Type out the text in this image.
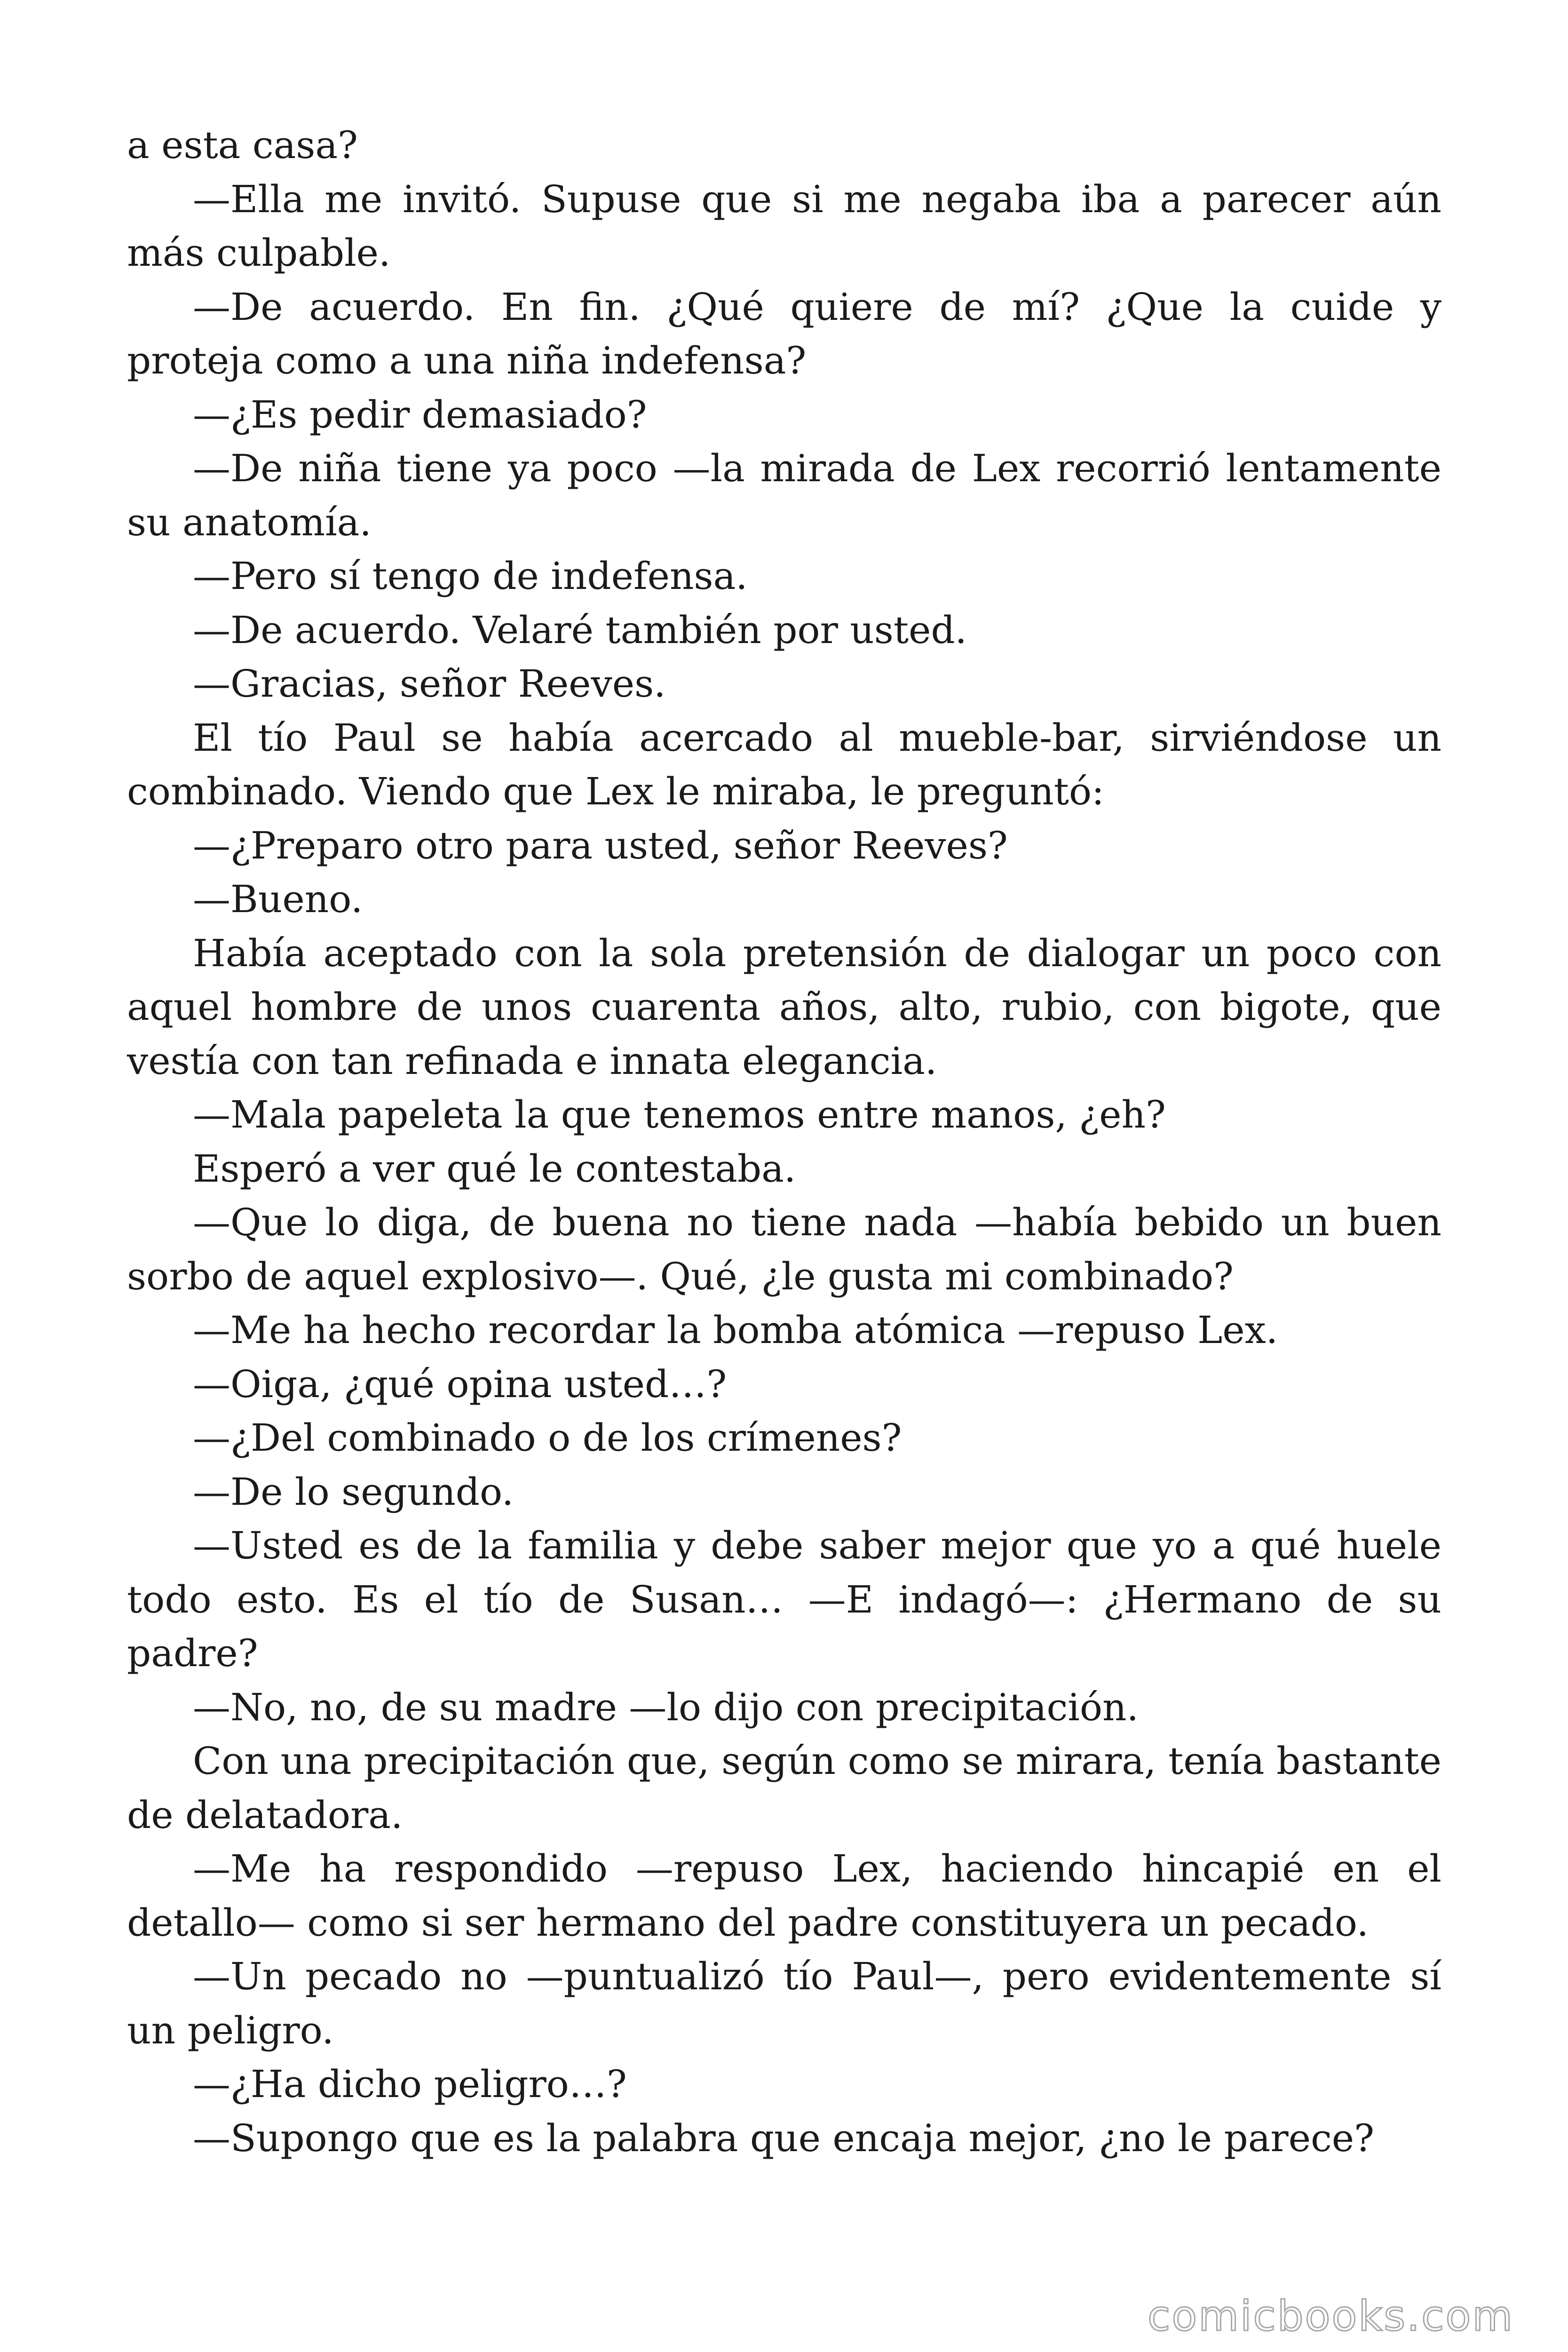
a esta casa?
—Ella me invitó. Supuse que si me negaba iba a parecer aún
más culpable.
—De acuerdo. En fin. ¿Qué quiere de mí? ¿Que la cuide y
proteja como a una niña indefensa?
—¿Es pedir demasiado?
—De niña tiene ya poco —la mirada de Lex recorrió lentamente
su anatomía.
—Pero sí tengo de indefensa.
—De acuerdo. Velaré también por usted.
—Gracias, señor Reeves.
El tío Paul se había acercado al mueble-bar, sirviéndose un
combinado. Viendo que Lex le miraba, le preguntó:
—¿Preparo otro para usted, señor Reeves?
—Bueno.
Había aceptado con la sola pretensión de dialogar un poco con
aquel hombre de unos cuarenta años, alto, rubio, con bigote, que
vestía con tan refinada e innata elegancia.
—Mala papeleta la que tenemos entre manos, ¿eh?
Esperó a ver qué le contestaba.
—Que lo diga, de buena no tiene nada —había bebido un buen
sorbo de aquel explosivo—. Qué, ¿le gusta mi combinado?
—Me ha hecho recordar la bomba atómica —repuso Lex.
—Oiga, ¿qué opina usted…?
—¿Del combinado o de los crímenes?
—De lo segundo.
—Usted es de la familia y debe saber mejor que yo a qué huele
todo esto. Es el tío de Susan… —E indagó—: ¿Hermano de su
padre?
—No, no, de su madre —lo dijo con precipitación.
Con una precipitación que, según como se mirara, tenía bastante
de delatadora.
—Me ha respondido —repuso Lex, haciendo hincapié en el
detallo— como si ser hermano del padre constituyera un pecado.
—Un pecado no —puntualizó tío Paul—, pero evidentemente sí
un peligro.
—¿Ha dicho peligro…?
—Supongo que es la palabra que encaja mejor, ¿no le parece?
comicbooks.com
